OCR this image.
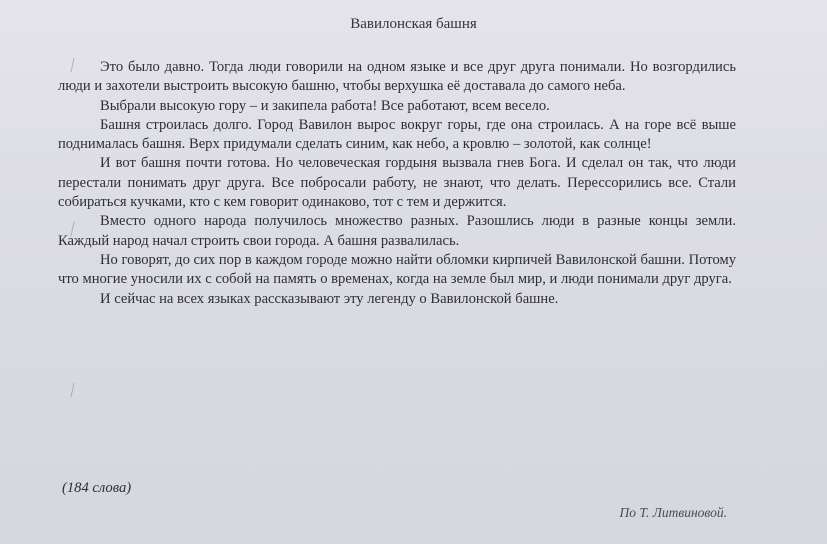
Вавилонская башня

Это было давно. Тогда люди говорили на одном языке и все друг друга понимали. Но возгордились люди и захотели выстроить высокую башню, чтобы верхушка её доставала до самого неба.

Выбрали высокую гору – и закипела работа! Все работают, всем весело.

Башня строилась долго. Город Вавилон вырос вокруг горы, где она строилась. А на горе всё выше поднималась башня. Верх придумали сделать синим, как небо, а кровлю – золотой, как солнце!

И вот башня почти готова. Но человеческая гордыня вызвала гнев Бога. И сделал он так, что люди перестали понимать друг друга. Все побросали работу, не знают, что делать. Перессорились все. Стали собираться кучками, кто с кем говорит одинаково, тот с тем и держится.

Вместо одного народа получилось множество разных. Разошлись люди в разные концы земли. Каждый народ начал строить свои города. А башня развалилась.

Но говорят, до сих пор в каждом городе можно найти обломки кирпичей Вавилонской башни. Потому что многие уносили их с собой на память о временах, когда на земле был мир, и люди понимали друг друга.

И сейчас на всех языках рассказывают эту легенду о Вавилонской башне.

(184 слова)
По Т. Литвиновой.
